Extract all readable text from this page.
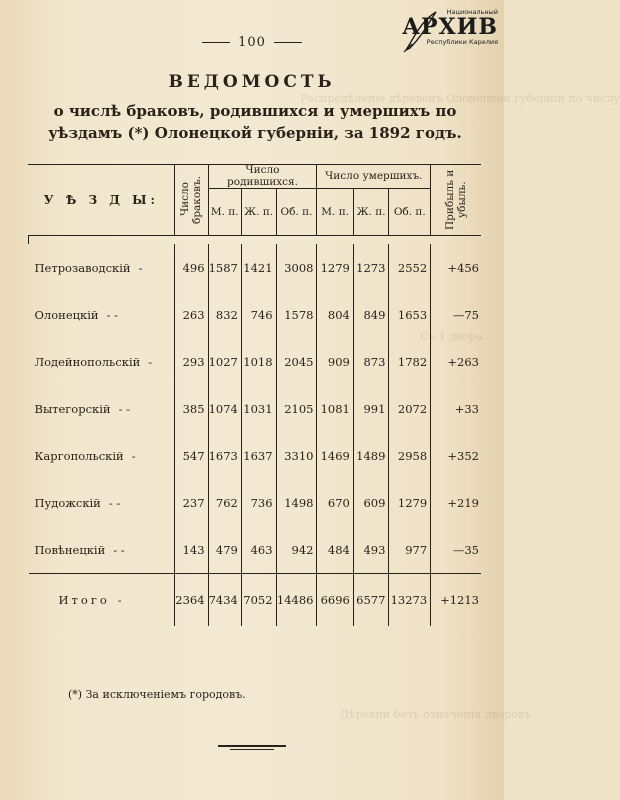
Распредѣленіе дѣревенъ Олонецкой губерніи по числу
Съ 1 двора
Дѣревни безъ означенія дворовъ
Национальный
АРХИВ
Республики Карелия
100
ВЕДОМОСТЬ
о числѣ браковъ, родившихся и умершихъ по уѣздамъ (*) Олонецкой губерніи, за 1892 годъ.
У Ѣ З Д Ы:	Число браковъ.	Число родившихся.			Число умершихъ.			Прибыль и убыль.

		М. п.	Ж. п.	Об. п.	М. п.	Ж. п.	Об. п.	

Петрозаводскій -	496	1587	1421	3008	1279	1273	2552	+456
Олонецкій - -	263	832	746	1578	804	849	1653	—75
Лодейнопольскій -	293	1027	1018	2045	909	873	1782	+263
Вытегорскій - -	385	1074	1031	2105	1081	991	2072	+33
Каргопольскій -	547	1673	1637	3310	1469	1489	2958	+352
Пудожскій - -	237	762	736	1498	670	609	1279	+219
Повѣнецкій - -	143	479	463	942	484	493	977	—35
Итого -	2364	7434	7052	14486	6696	6577	13273	+1213
(*) За исключеніемъ городовъ.
